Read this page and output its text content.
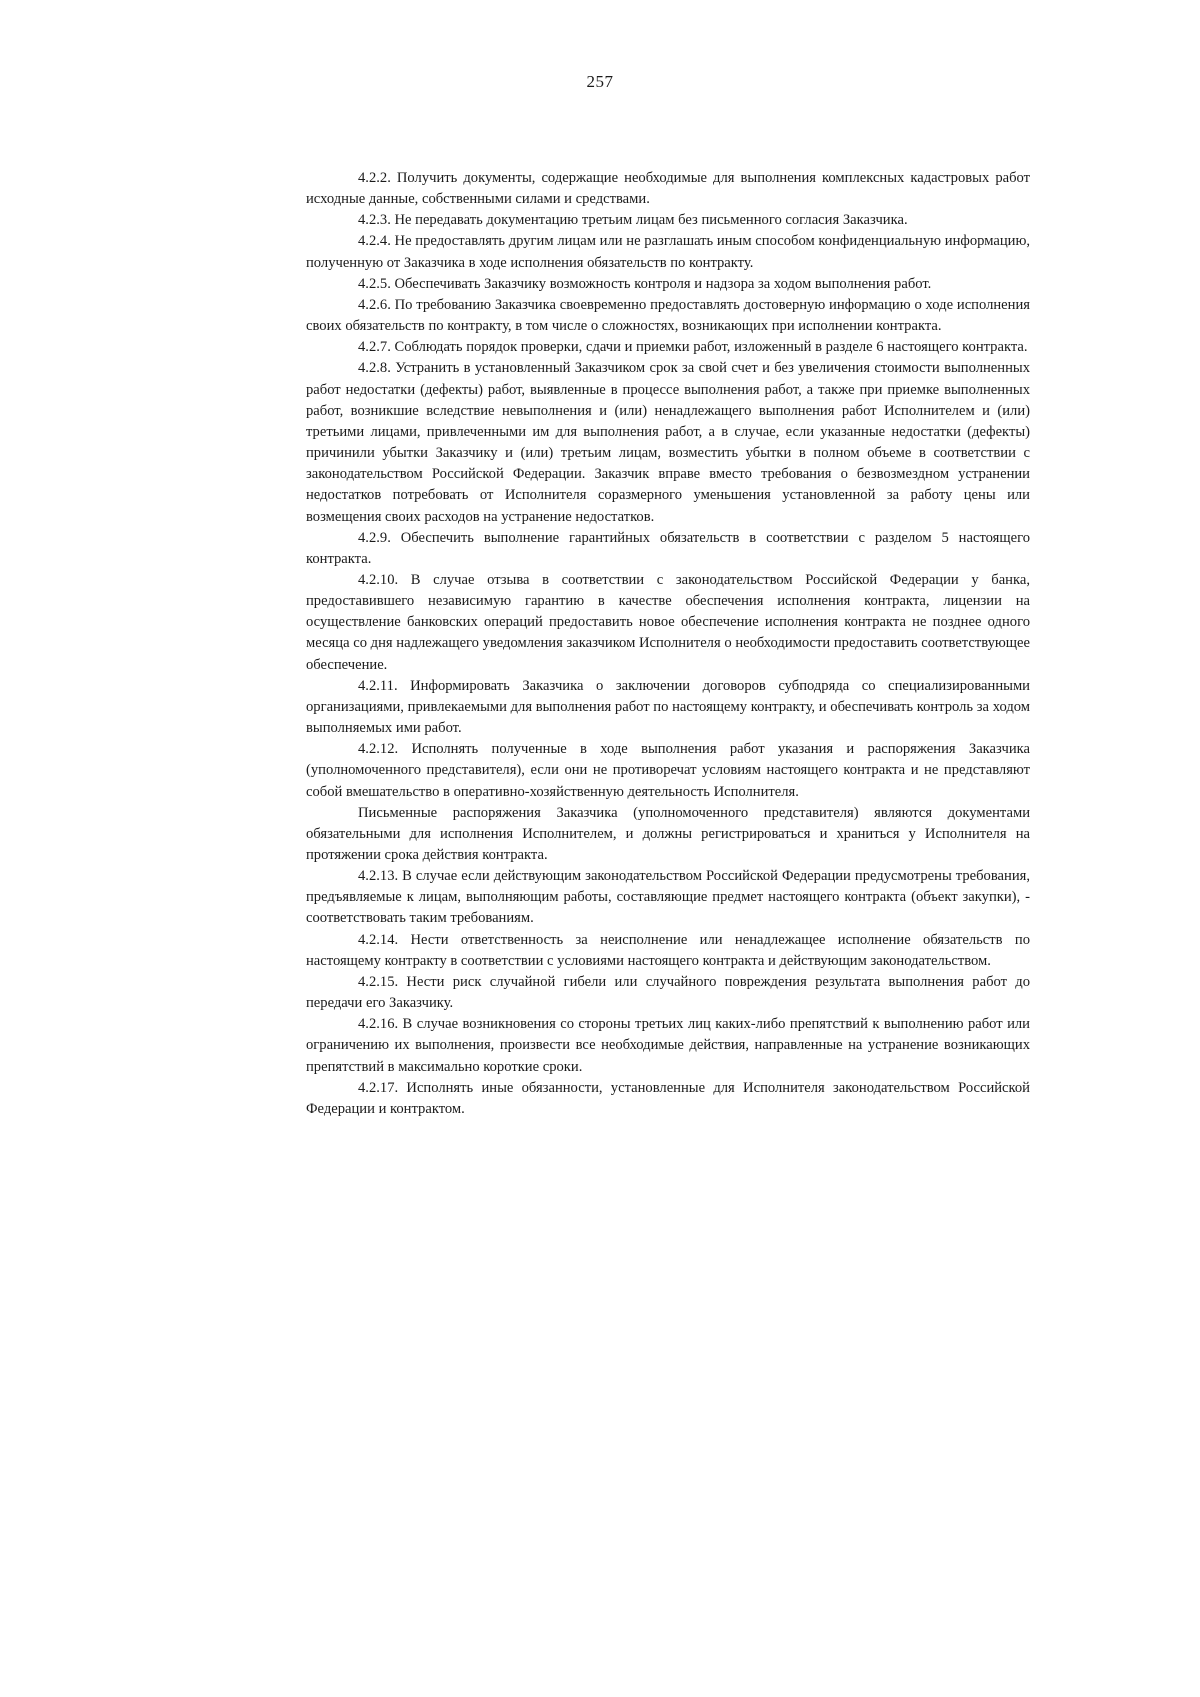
257

4.2.2. Получить документы, содержащие необходимые для выполнения комплексных кадастровых работ исходные данные, собственными силами и средствами.

4.2.3. Не передавать документацию третьим лицам без письменного согласия Заказчика.

4.2.4. Не предоставлять другим лицам или не разглашать иным способом конфиденциальную информацию, полученную от Заказчика в ходе исполнения обязательств по контракту.

4.2.5. Обеспечивать Заказчику возможность контроля и надзора за ходом выполнения работ.

4.2.6. По требованию Заказчика своевременно предоставлять достоверную информацию о ходе исполнения своих обязательств по контракту, в том числе о сложностях, возникающих при исполнении контракта.

4.2.7. Соблюдать порядок проверки, сдачи и приемки работ, изложенный в разделе 6 настоящего контракта.

4.2.8. Устранить в установленный Заказчиком срок за свой счет и без увеличения стоимости выполненных работ недостатки (дефекты) работ, выявленные в процессе выполнения работ, а также при приемке выполненных работ, возникшие вследствие невыполнения и (или) ненадлежащего выполнения работ Исполнителем и (или) третьими лицами, привлеченными им для выполнения работ, а в случае, если указанные недостатки (дефекты) причинили убытки Заказчику и (или) третьим лицам, возместить убытки в полном объеме в соответствии с законодательством Российской Федерации. Заказчик вправе вместо требования о безвозмездном устранении недостатков потребовать от Исполнителя соразмерного уменьшения установленной за работу цены или возмещения своих расходов на устранение недостатков.

4.2.9. Обеспечить выполнение гарантийных обязательств в соответствии с разделом 5 настоящего контракта.

4.2.10. В случае отзыва в соответствии с законодательством Российской Федерации у банка, предоставившего независимую гарантию в качестве обеспечения исполнения контракта, лицензии на осуществление банковских операций предоставить новое обеспечение исполнения контракта не позднее одного месяца со дня надлежащего уведомления заказчиком Исполнителя о необходимости предоставить соответствующее обеспечение.

4.2.11. Информировать Заказчика о заключении договоров субподряда со специализированными организациями, привлекаемыми для выполнения работ по настоящему контракту, и обеспечивать контроль за ходом выполняемых ими работ.

4.2.12. Исполнять полученные в ходе выполнения работ указания и распоряжения Заказчика (уполномоченного представителя), если они не противоречат условиям настоящего контракта и не представляют собой вмешательство в оперативно-хозяйственную деятельность Исполнителя.

Письменные распоряжения Заказчика (уполномоченного представителя) являются документами обязательными для исполнения Исполнителем, и должны регистрироваться и храниться у Исполнителя на протяжении срока действия контракта.

4.2.13. В случае если действующим законодательством Российской Федерации предусмотрены требования, предъявляемые к лицам, выполняющим работы, составляющие предмет настоящего контракта (объект закупки), - соответствовать таким требованиям.

4.2.14. Нести ответственность за неисполнение или ненадлежащее исполнение обязательств по настоящему контракту в соответствии с условиями настоящего контракта и действующим законодательством.

4.2.15. Нести риск случайной гибели или случайного повреждения результата выполнения работ до передачи его Заказчику.

4.2.16. В случае возникновения со стороны третьих лиц каких-либо препятствий к выполнению работ или ограничению их выполнения, произвести все необходимые действия, направленные на устранение возникающих препятствий в максимально короткие сроки.

4.2.17. Исполнять иные обязанности, установленные для Исполнителя законодательством Российской Федерации и контрактом.
